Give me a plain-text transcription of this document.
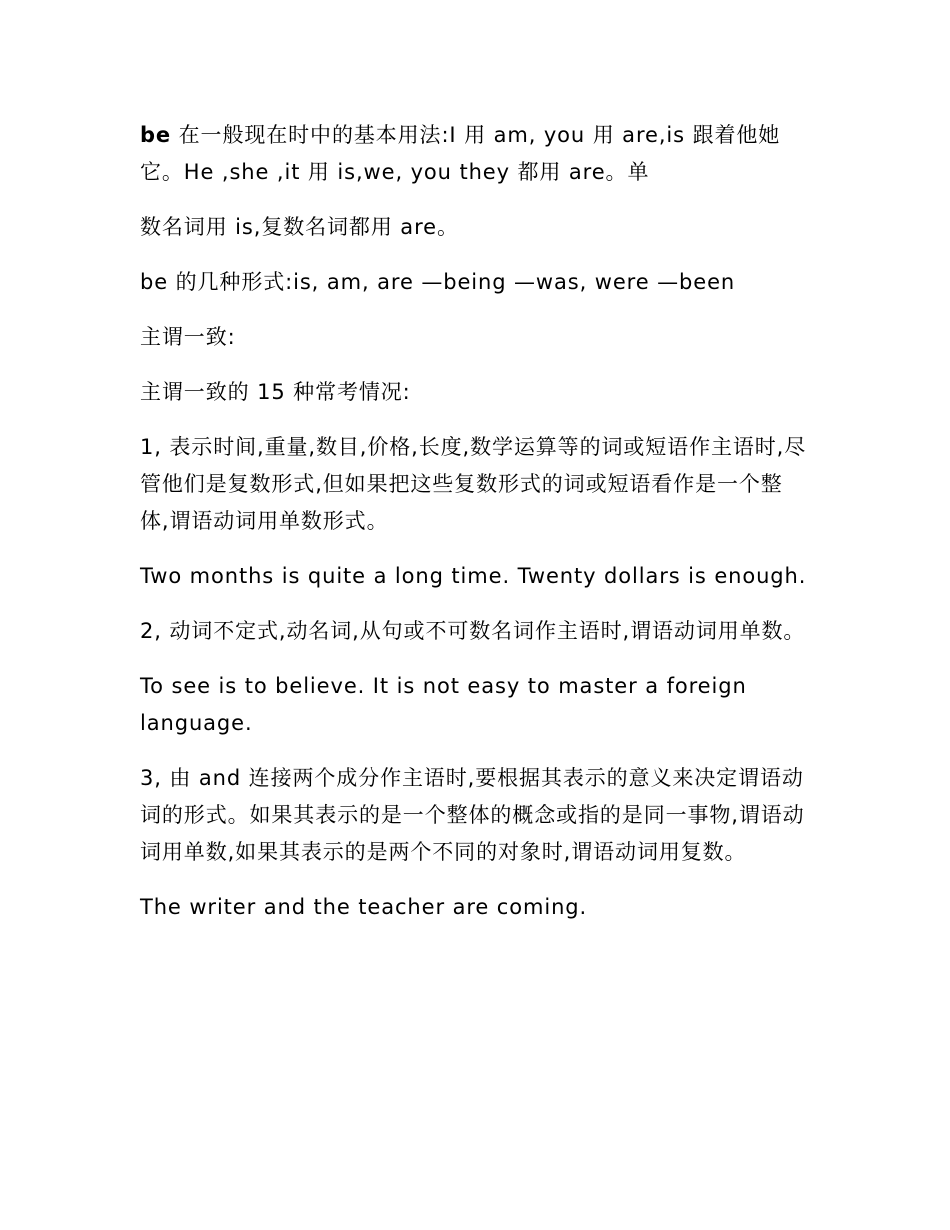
be 在一般现在时中的基本用法:I 用 am, you 用 are,is 跟着他她它。He ,she ,it 用 is,we, you they 都用 are。单

数名词用 is,复数名词都用 are。

be 的几种形式:is, am, are —being —was, were —been

主谓一致:

主谓一致的 15 种常考情况:

1, 表示时间,重量,数目,价格,长度,数学运算等的词或短语作主语时,尽管他们是复数形式,但如果把这些复数形式的词或短语看作是一个整体,谓语动词用单数形式。

Two months is quite a long time. Twenty dollars is enough.

2, 动词不定式,动名词,从句或不可数名词作主语时,谓语动词用单数。

To see is to believe. It is not easy to master a foreign language.

3, 由 and 连接两个成分作主语时,要根据其表示的意义来决定谓语动词的形式。如果其表示的是一个整体的概念或指的是同一事物,谓语动词用单数,如果其表示的是两个不同的对象时,谓语动词用复数。

The writer and the teacher are coming.
